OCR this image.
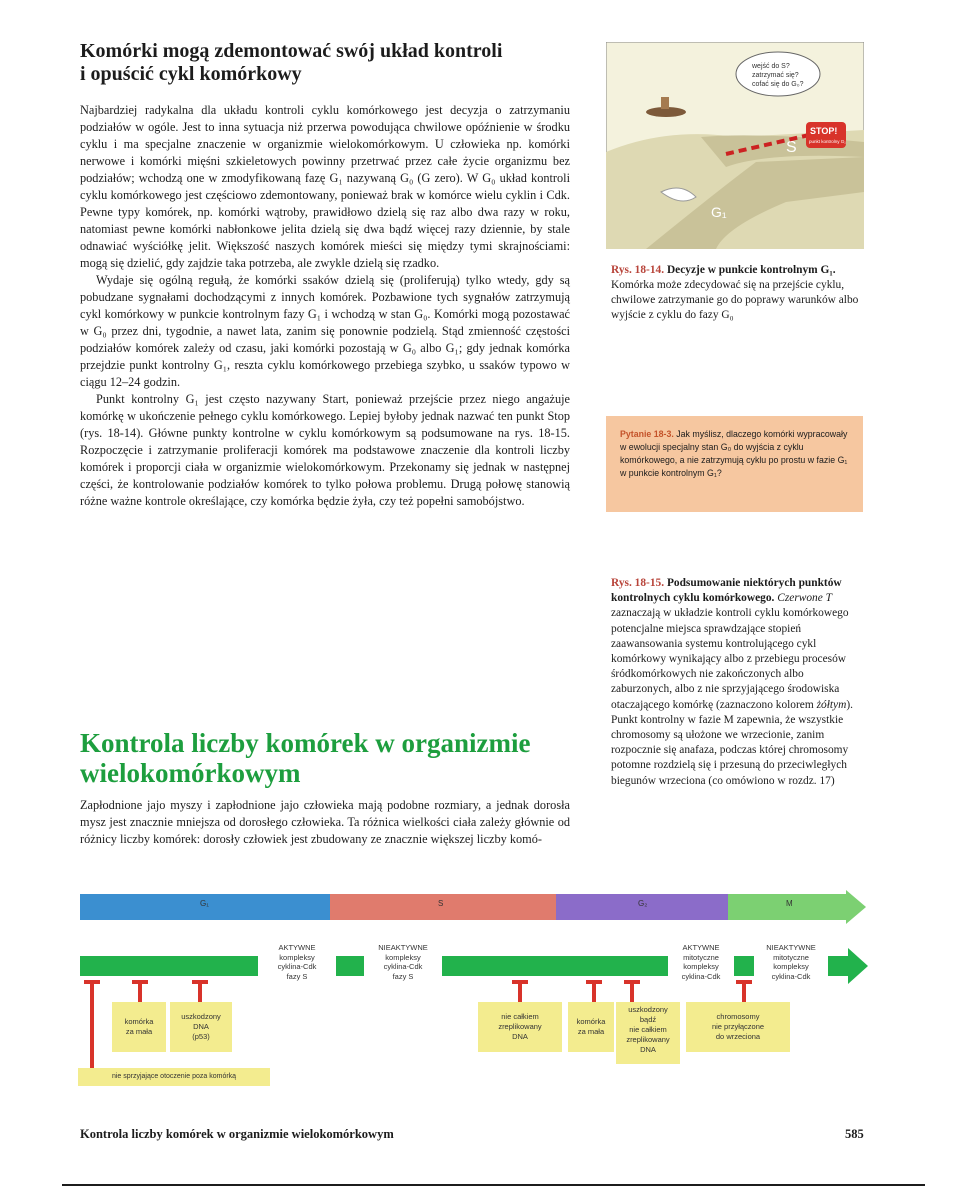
Komórki mogą zdemontować swój układ kontroli
i opuścić cykl komórkowy

Najbardziej radykalna dla układu kontroli cyklu komórkowego jest decyzja o zatrzymaniu podziałów w ogóle. Jest to inna sytuacja niż przerwa powodująca chwilowe opóźnienie w środku cyklu i ma specjalne znaczenie w organizmie wielokomórkowym. U człowieka np. komórki nerwowe i komórki mięśni szkieletowych powinny przetrwać przez całe życie organizmu bez podziałów; wchodzą one w zmodyfikowaną fazę G₁ nazywaną G₀ (G zero). W G₀ układ kontroli cyklu komórkowego jest częściowo zdemontowany, ponieważ brak w komórce wielu cyklin i Cdk. Pewne typy komórek, np. komórki wątroby, prawidłowo dzielą się raz albo dwa razy w roku, natomiast pewne komórki nabłonkowe jelita dzielą się dwa bądź więcej razy dziennie, by stale odnawiać wyściółkę jelit. Większość naszych komórek mieści się między tymi skrajnościami: mogą się dzielić, gdy zajdzie taka potrzeba, ale zwykle dzielą się rzadko.

Wydaje się ogólną regułą, że komórki ssaków dzielą się (proliferują) tylko wtedy, gdy są pobudzane sygnałami dochodzącymi z innych komórek. Pozbawione tych sygnałów zatrzymują cykl komórkowy w punkcie kontrolnym fazy G₁ i wchodzą w stan G₀. Komórki mogą pozostawać w G₀ przez dni, tygodnie, a nawet lata, zanim się ponownie podzielą. Stąd zmienność częstości podziałów komórek zależy od czasu, jaki komórki pozostają w G₀ albo G₁; gdy jednak komórka przejdzie punkt kontrolny G₁, reszta cyklu komórkowego przebiega szybko, u ssaków typowo w ciągu 12–24 godzin.

Punkt kontrolny G₁ jest często nazywany Start, ponieważ przejście przez niego angażuje komórkę w ukończenie pełnego cyklu komórkowego. Lepiej byłoby jednak nazwać ten punkt Stop (rys. 18-14). Główne punkty kontrolne w cyklu komórkowym są podsumowane na rys. 18-15. Rozpoczęcie i zatrzymanie proliferacji komórek ma podstawowe znaczenie dla kontroli liczby komórek i proporcji ciała w organizmie wielokomórkowym. Przekonamy się jednak w następnej części, że kontrolowanie podziałów komórek to tylko połowa problemu. Drugą połowę stanowią różne ważne kontrole określające, czy komórka będzie żyła, czy też popełni samobójstwo.

Kontrola liczby komórek w organizmie
wielokomórkowym
Zapłodnione jajo myszy i zapłodnione jajo człowieka mają podobne rozmiary, a jednak dorosła mysz jest znacznie mniejsza od dorosłego człowieka. Ta różnica wielkości ciała zależy głównie od różnicy liczby komórek: dorosły człowiek jest zbudowany ze znacznie większej liczby komó-
S
G₁
STOP!
punkt kontrolny G₁
wejść do S?
zatrzymać się?
cofać się do G₀?
Rys. 18-14. Decyzje w punkcie kontrolnym G₁. Komórka może zdecydować się na przejście cyklu, chwilowe zatrzymanie go do poprawy warunków albo wyjście z cyklu do fazy G₀
Pytanie 18-3. Jak myślisz, dlaczego komórki wypracowały w ewolucji specjalny stan G₀ do wyjścia z cyklu komórkowego, a nie zatrzymują cyklu po prostu w fazie G₁ w punkcie kontrolnym G₁?
Rys. 18-15. Podsumowanie niektórych punktów kontrolnych cyklu komórkowego. Czerwone T zaznaczają w układzie kontroli cyklu komórkowego potencjalne miejsca sprawdzające stopień zaawansowania systemu kontrolującego cykl komórkowy wynikający albo z przebiegu procesów śródkomórkowych nie zakończonych albo zaburzonych, albo z nie sprzyjającego środowiska otaczającego komórkę (zaznaczono kolorem żółtym). Punkt kontrolny w fazie M zapewnia, że wszystkie chromosomy są ułożone we wrzecionie, zanim rozpocznie się anafaza, podczas której chromosomy potomne rozdzielą się i przesuną do przeciwległych biegunów wrzeciona (co omówiono w rozdz. 17)
G₁	S	G₂	M
AKTYWNE
kompleksy
cyklina-Cdk
fazy S
NIEAKTYWNE
kompleksy
cyklina-Cdk
fazy S
AKTYWNE
mitotyczne
kompleksy
cyklina-Cdk
NIEAKTYWNE
mitotyczne
kompleksy
cyklina-Cdk
komórka
za mała
uszkodzony
DNA
(p53)
nie całkiem
zreplikowany
DNA
komórka
za mała
uszkodzony
bądź
nie całkiem
zreplikowany
DNA
chromosomy
nie przyłączone
do wrzeciona
nie sprzyjające otoczenie poza komórką
Kontrola liczby komórek w organizmie wielokomórkowym	585
